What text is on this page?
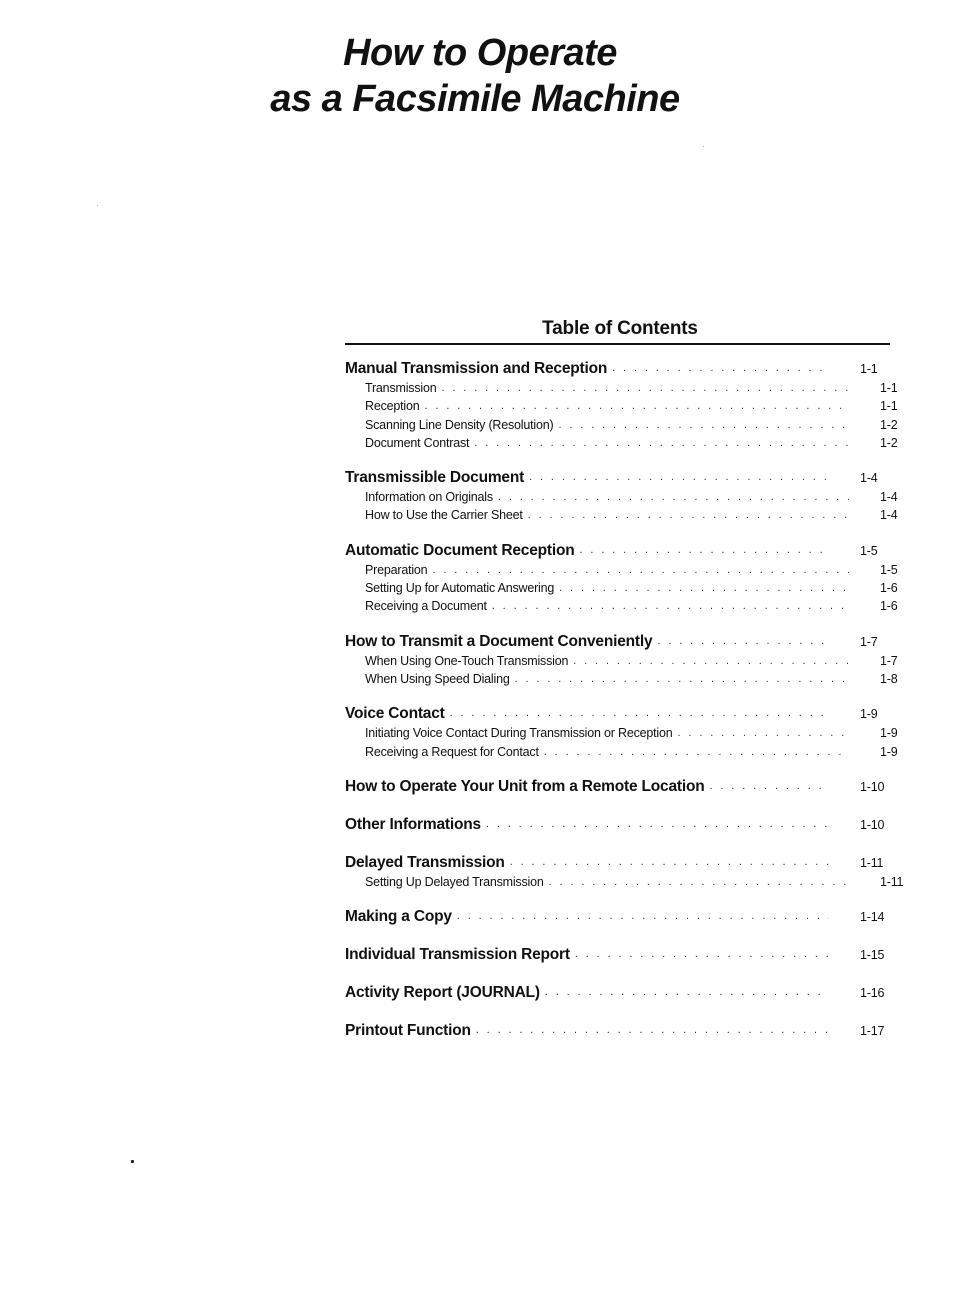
How to Operate
as a Facsimile Machine
Table of Contents
Manual Transmission and Reception . . .	1-1
Transmission . . .	1-1
Reception . . .	1-1
Scanning Line Density (Resolution) . . .	1-2
Document Contrast . . .	1-2
Transmissible Document . . .	1-4
Information on Originals . . .	1-4
How to Use the Carrier Sheet . . .	1-4
Automatic Document Reception . . .	1-5
Preparation . . .	1-5
Setting Up for Automatic Answering . . .	1-6
Receiving a Document . . .	1-6
How to Transmit a Document Conveniently . . .	1-7
When Using One-Touch Transmission . . .	1-7
When Using Speed Dialing . . .	1-8
Voice Contact . . .	1-9
Initiating Voice Contact During Transmission or Reception . . .	1-9
Receiving a Request for Contact . . .	1-9
How to Operate Your Unit from a Remote Location . . .	1-10
Other Informations . . .	1-10
Delayed Transmission . . .	1-11
Setting Up Delayed Transmission . . .	1-11
Making a Copy . . .	1-14
Individual Transmission Report . . .	1-15
Activity Report (JOURNAL) . . .	1-16
Printout Function . . .	1-17
